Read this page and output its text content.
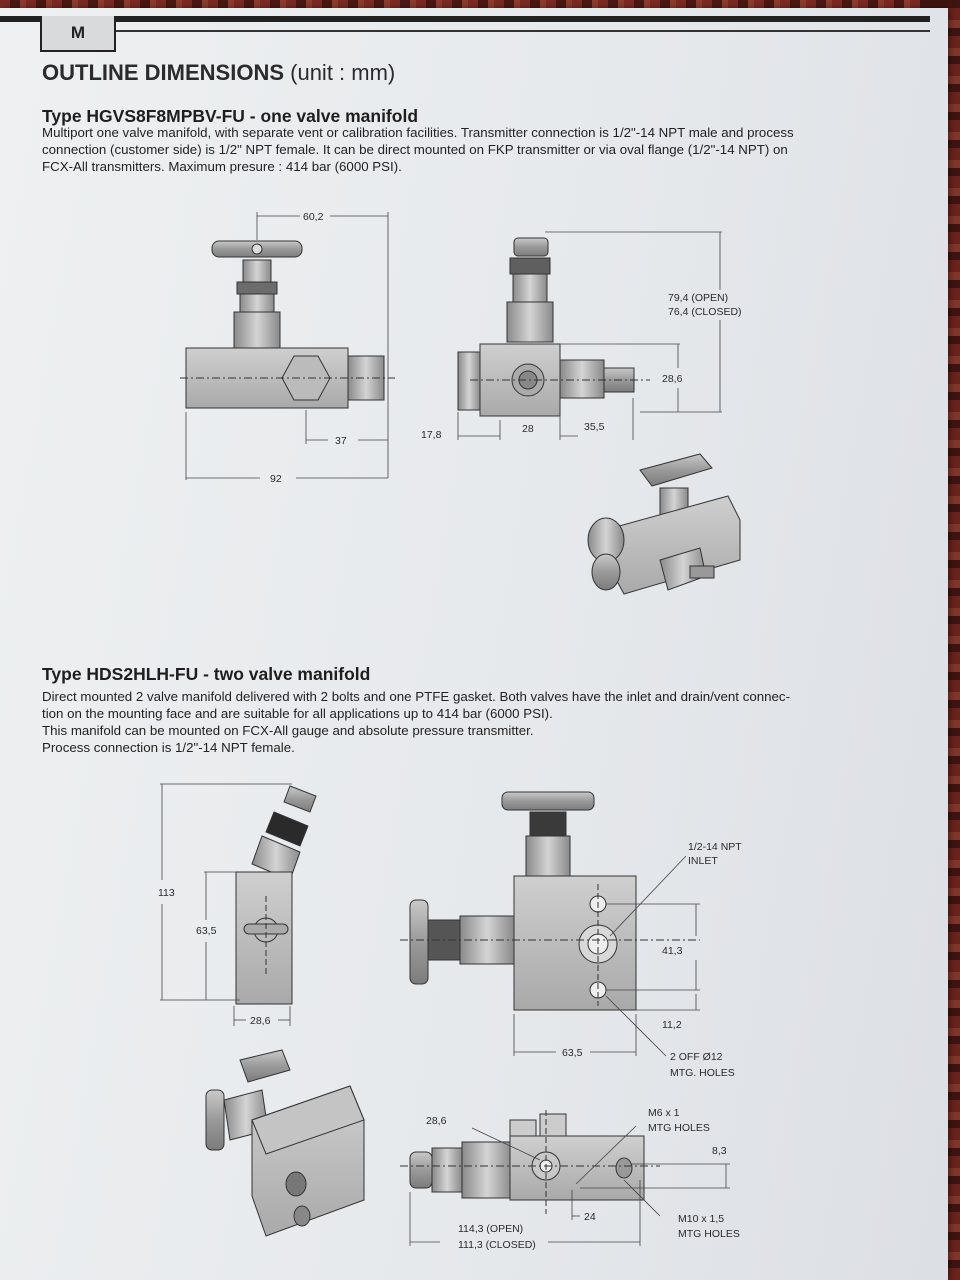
M
OUTLINE DIMENSIONS (unit : mm)
Type HGVS8F8MPBV-FU - one valve manifold
Multiport one valve manifold, with separate vent or calibration facilities. Transmitter connection is 1/2"-14 NPT male and process
connection (customer side) is 1/2" NPT female. It can be direct mounted on FKP transmitter or via oval flange (1/2"-14 NPT) on
FCX-All transmitters. Maximum presure : 414 bar (6000 PSI).
Type HDS2HLH-FU - two valve manifold
Direct mounted 2 valve manifold delivered with 2 bolts and one PTFE gasket. Both valves have the inlet and drain/vent connec-
tion on the mounting face and are suitable for all applications up to 414 bar (6000 PSI).
This manifold can be mounted on FCX-All gauge and absolute pressure transmitter.
Process connection is 1/2"-14 NPT female.
60,2
37
92
79,4 (OPEN)
76,4 (CLOSED)
28,6
17,8	28	35,5
113
63,5
28,6
1/2-14 NPT
INLET
41,3
11,2
63,5	2 OFF Ø12
MTG. HOLES
28,6
M6 x 1
MTG HOLES
8,3
24	M10 x 1,5
MTG HOLES
114,3 (OPEN)
111,3 (CLOSED)
